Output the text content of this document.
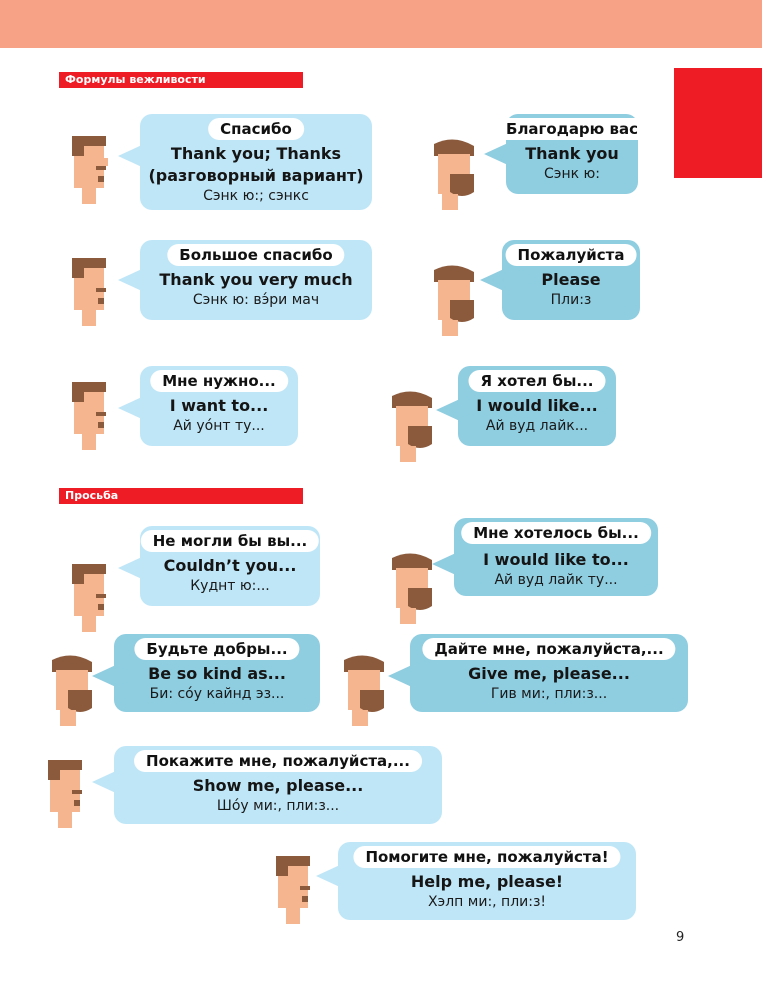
Формулы вежливости
Просьба
Спасибо
Thank you; Thanks
(разговорный вариант)
Сэнк ю:; сэнкс
Благодарю вас
Thank you
Сэнк ю:
Большое спасибо
Thank you very much
Сэнк ю: вэ́ри мач
Пожалуйста
Please
Пли:з
Мне нужно...
I want to...
Ай уо́нт ту...
Я хотел бы...
I would like...
Ай вуд лайк...
Не могли бы вы...
Couldn’t you...
Куднт ю:...
Мне хотелось бы...
I would like to...
Ай вуд лайк ту...
Будьте добры...
Be so kind as...
Би: со́у кайнд эз...
Дайте мне, пожалуйста,...
Give me, please...
Гив ми:, пли:з...
Покажите мне, пожалуйста,...
Show me, please...
Шо́у ми:, пли:з...
Помогите мне, пожалуйста!
Help me, please!
Хэлп ми:, пли:з!
9
